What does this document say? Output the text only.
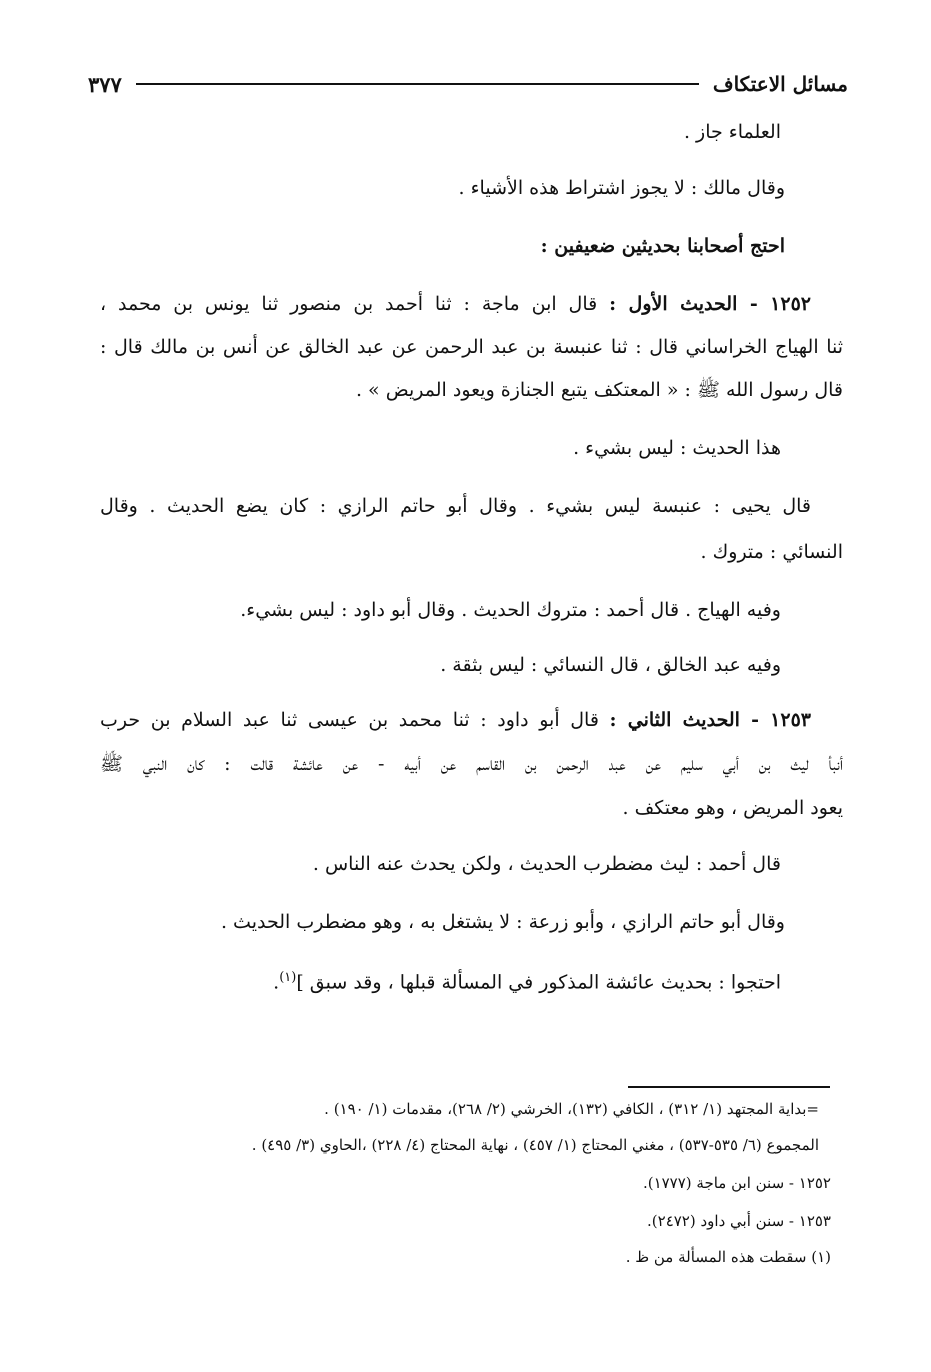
مسائل الاعتكاف
٣٧٧
العلماء جاز .
وقال مالك : لا يجوز اشتراط هذه الأشياء .
احتج أصحابنا بحديثين ضعيفين :
١٢٥٢ - الحديث الأول : قال ابن ماجة : ثنا أحمد بن منصور ثنا يونس بن محمد ،
ثنا الهياج الخراساني قال : ثنا عنبسة بن عبد الرحمن عن عبد الخالق عن أنس بن مالك قال :
قال رسول الله ﷺ : « المعتكف يتبع الجنازة ويعود المريض » .
هذا الحديث : ليس بشيء .
قال يحيى : عنبسة ليس بشيء . وقال أبو حاتم الرازي : كان يضع الحديث . وقال
النسائي : متروك .
وفيه الهياج . قال أحمد : متروك الحديث . وقال أبو داود : ليس بشيء.
وفيه عبد الخالق ، قال النسائي : ليس بثقة .
١٢٥٣ - الحديث الثاني : قال أبو داود : ثنا محمد بن عيسى ثنا عبد السلام بن حرب
أنبأ ليث بن أبي سليم عن عبد الرحمن بن القاسم عن أبيه - عن عائشة قالت : كان النبي ﷺ
يعود المريض ، وهو معتكف .
قال أحمد : ليث مضطرب الحديث ، ولكن يحدث عنه الناس .
وقال أبو حاتم الرازي ، وأبو زرعة : لا يشتغل به ، وهو مضطرب الحديث .
احتجوا : بحديث عائشة المذكور في المسألة قبلها ، وقد سبق ]$^{(١)}$.
=بداية المجتهد (١/ ٣١٢) ، الكافي (١٣٢)، الخرشي (٢/ ٢٦٨)، مقدمات (١/ ١٩٠) .
المجموع (٦/ ٥٣٥-٥٣٧) ، مغني المحتاج (١/ ٤٥٧) ، نهاية المحتاج (٤/ ٢٢٨) ،الحاوي (٣/ ٤٩٥) .
١٢٥٢ - سنن ابن ماجة (١٧٧٧).
١٢٥٣ - سنن أبي داود (٢٤٧٢).
(١) سقطت هذه المسألة من ظ .
